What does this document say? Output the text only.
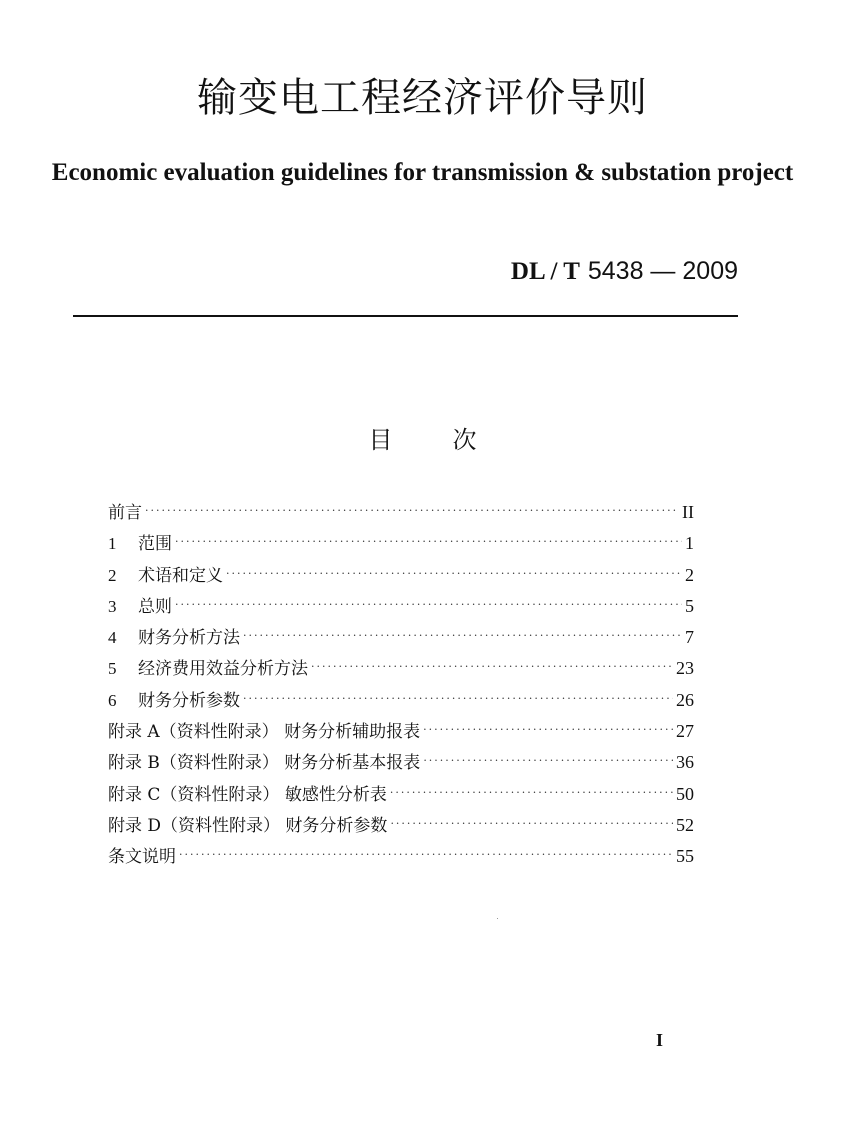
输变电工程经济评价导则
Economic evaluation guidelines for transmission & substation project
DL / T 5438 — 2009
目	次
前言 ·····	II
1	范围 ·····	1
2	术语和定义 ·····	2
3	总则 ·····	5
4	财务分析方法 ·····	7
5	经济费用效益分析方法 ·····	23
6	财务分析参数 ·····	26
附录 A（资料性附录） 财务分析辅助报表 ·····	27
附录 B（资料性附录） 财务分析基本报表 ·····	36
附录 C（资料性附录） 敏感性分析表 ·····	50
附录 D（资料性附录） 财务分析参数 ·····	52
条文说明 ·····	55
I
